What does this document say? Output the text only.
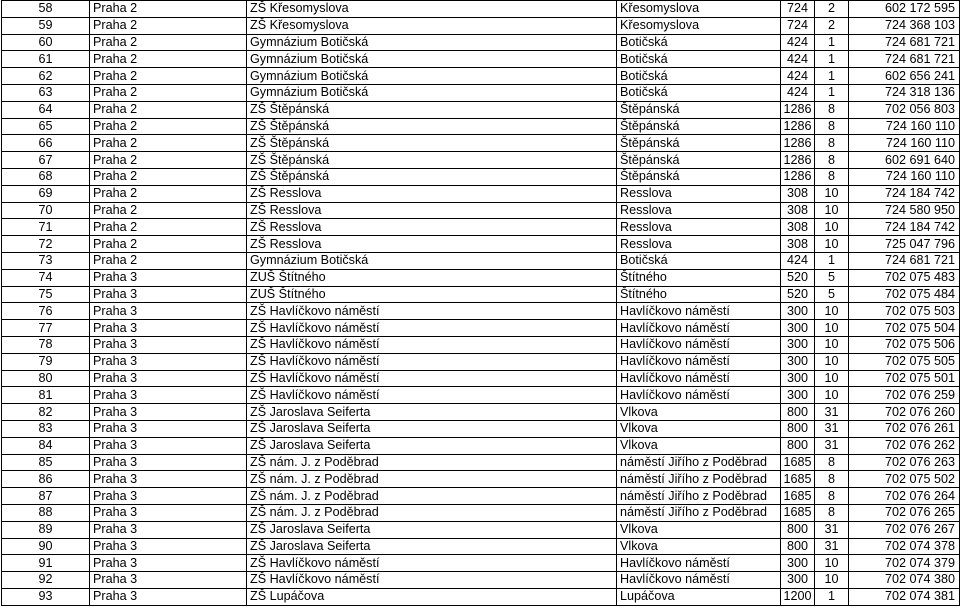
58	Praha 2	ZŠ Křesomyslova	Křesomyslova	724	2	602 172 595
59	Praha 2	ZŠ Křesomyslova	Křesomyslova	724	2	724 368 103
60	Praha 2	Gymnázium Botičská	Botičská	424	1	724 681 721
61	Praha 2	Gymnázium Botičská	Botičská	424	1	724 681 721
62	Praha 2	Gymnázium Botičská	Botičská	424	1	602 656 241
63	Praha 2	Gymnázium Botičská	Botičská	424	1	724 318 136
64	Praha 2	ZŠ Štěpánská	Štěpánská	1286	8	702 056 803
65	Praha 2	ZŠ Štěpánská	Štěpánská	1286	8	724 160 110
66	Praha 2	ZŠ Štěpánská	Štěpánská	1286	8	724 160 110
67	Praha 2	ZŠ Štěpánská	Štěpánská	1286	8	602 691 640
68	Praha 2	ZŠ Štěpánská	Štěpánská	1286	8	724 160 110
69	Praha 2	ZŠ Resslova	Resslova	308	10	724 184 742
70	Praha 2	ZŠ Resslova	Resslova	308	10	724 580 950
71	Praha 2	ZŠ Resslova	Resslova	308	10	724 184 742
72	Praha 2	ZŠ Resslova	Resslova	308	10	725 047 796
73	Praha 2	Gymnázium Botičská	Botičská	424	1	724 681 721
74	Praha 3	ZUŠ Štítného	Štítného	520	5	702 075 483
75	Praha 3	ZUŠ Štítného	Štítného	520	5	702 075 484
76	Praha 3	ZŠ Havlíčkovo náměstí	Havlíčkovo náměstí	300	10	702 075 503
77	Praha 3	ZŠ Havlíčkovo náměstí	Havlíčkovo náměstí	300	10	702 075 504
78	Praha 3	ZŠ Havlíčkovo náměstí	Havlíčkovo náměstí	300	10	702 075 506
79	Praha 3	ZŠ Havlíčkovo náměstí	Havlíčkovo náměstí	300	10	702 075 505
80	Praha 3	ZŠ Havlíčkovo náměstí	Havlíčkovo náměstí	300	10	702 075 501
81	Praha 3	ZŠ Havlíčkovo náměstí	Havlíčkovo náměstí	300	10	702 076 259
82	Praha 3	ZŠ Jaroslava Seiferta	Vlkova	800	31	702 076 260
83	Praha 3	ZŠ Jaroslava Seiferta	Vlkova	800	31	702 076 261
84	Praha 3	ZŠ Jaroslava Seiferta	Vlkova	800	31	702 076 262
85	Praha 3	ZŠ nám. J. z Poděbrad	náměstí Jiřího z Poděbrad	1685	8	702 076 263
86	Praha 3	ZŠ nám. J. z Poděbrad	náměstí Jiřího z Poděbrad	1685	8	702 075 502
87	Praha 3	ZŠ nám. J. z Poděbrad	náměstí Jiřího z Poděbrad	1685	8	702 076 264
88	Praha 3	ZŠ nám. J. z Poděbrad	náměstí Jiřího z Poděbrad	1685	8	702 076 265
89	Praha 3	ZŠ Jaroslava Seiferta	Vlkova	800	31	702 076 267
90	Praha 3	ZŠ Jaroslava Seiferta	Vlkova	800	31	702 074 378
91	Praha 3	ZŠ Havlíčkovo náměstí	Havlíčkovo náměstí	300	10	702 074 379
92	Praha 3	ZŠ Havlíčkovo náměstí	Havlíčkovo náměstí	300	10	702 074 380
93	Praha 3	ZŠ Lupáčova	Lupáčova	1200	1	702 074 381
